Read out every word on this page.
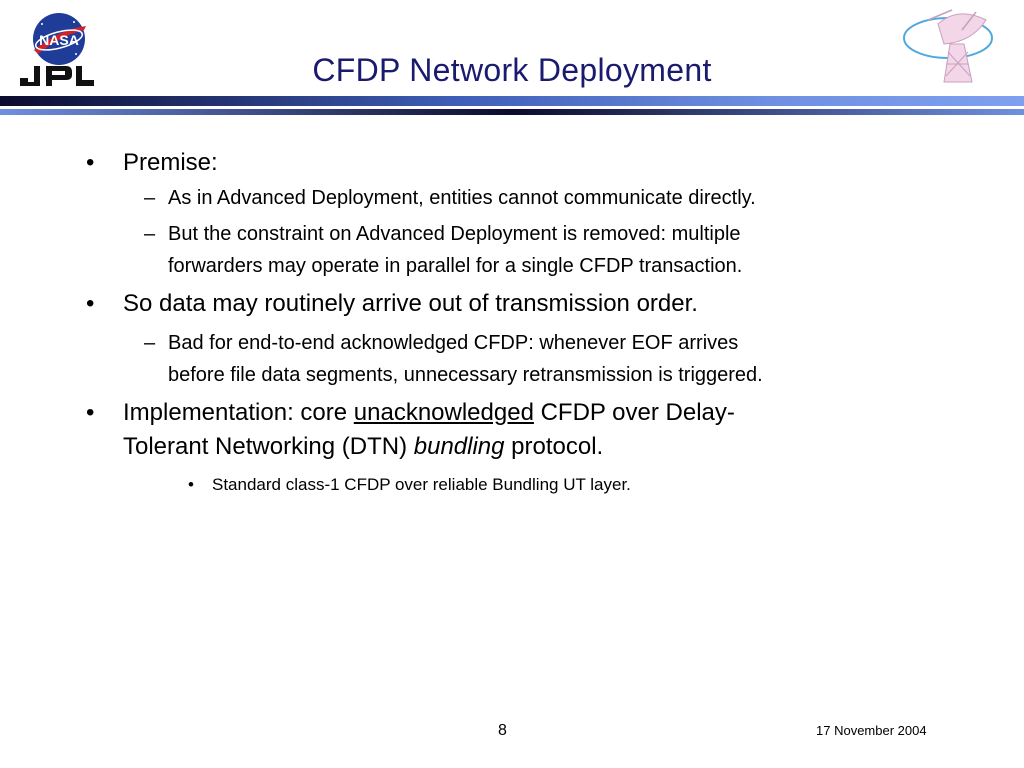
NASA
CFDP Network Deployment
• Premise:
– As in Advanced Deployment, entities cannot communicate directly.
– But the constraint on Advanced Deployment is removed: multiple
forwarders may operate in parallel for a single CFDP transaction.
• So data may routinely arrive out of transmission order.
– Bad for end-to-end acknowledged CFDP: whenever EOF arrives
before file data segments, unnecessary retransmission is triggered.
• Implementation: core unacknowledged CFDP over Delay-
Tolerant Networking (DTN) bundling protocol.
• Standard class-1 CFDP over reliable Bundling UT layer.
8	17 November 2004
